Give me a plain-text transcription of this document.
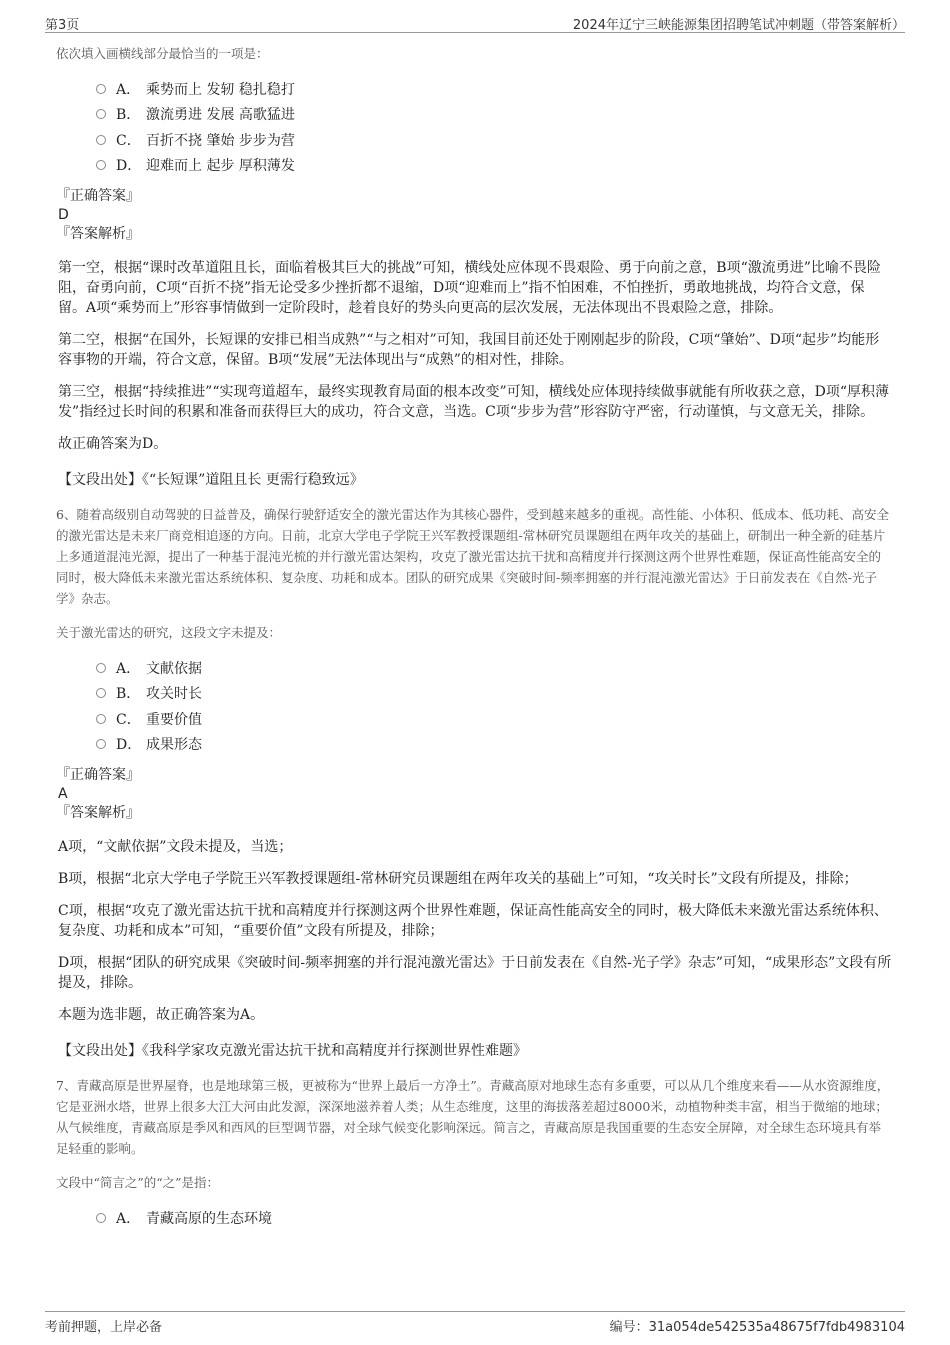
第3页	2024年辽宁三峡能源集团招聘笔试冲刺题（带答案解析）

依次填入画横线部分最恰当的一项是：

A． 乘势而上 发轫 稳扎稳打
B． 激流勇进 发展 高歌猛进
C． 百折不挠 肇始 步步为营
D． 迎难而上 起步 厚积薄发

『正确答案』

D

『答案解析』

第一空，根据“课时改革道阻且长，面临着极其巨大的挑战”可知，横线处应体现不畏艰险、勇于向前之意，B项“激流勇进”比喻不畏险阻，奋勇向前，C项“百折不挠”指无论受多少挫折都不退缩，D项“迎难而上”指不怕困难，不怕挫折，勇敢地挑战，均符合文意，保留。A项“乘势而上”形容事情做到一定阶段时，趁着良好的势头向更高的层次发展，无法体现出不畏艰险之意，排除。

第二空，根据“在国外，长短课的安排已相当成熟”“与之相对”可知，我国目前还处于刚刚起步的阶段，C项“肇始”、D项“起步”均能形容事物的开端，符合文意，保留。B项“发展”无法体现出与“成熟”的相对性，排除。

第三空，根据“持续推进”“实现弯道超车，最终实现教育局面的根本改变”可知，横线处应体现持续做事就能有所收获之意，D项“厚积薄发”指经过长时间的积累和准备而获得巨大的成功，符合文意，当选。C项“步步为营”形容防守严密，行动谨慎，与文意无关，排除。

故正确答案为D。

【文段出处】《“长短课”道阻且长 更需行稳致远》

6、随着高级别自动驾驶的日益普及，确保行驶舒适安全的激光雷达作为其核心器件，受到越来越多的重视。高性能、小体积、低成本、低功耗、高安全的激光雷达是未来厂商竞相追逐的方向。日前，北京大学电子学院王兴军教授课题组-常林研究员课题组在两年攻关的基础上，研制出一种全新的硅基片上多通道混沌光源，提出了一种基于混沌光梳的并行激光雷达架构，攻克了激光雷达抗干扰和高精度并行探测这两个世界性难题，保证高性能高安全的同时，极大降低未来激光雷达系统体积、复杂度、功耗和成本。团队的研究成果《突破时间-频率拥塞的并行混沌激光雷达》于日前发表在《自然-光子学》杂志。

关于激光雷达的研究，这段文字未提及：

A． 文献依据
B． 攻关时长
C． 重要价值
D． 成果形态

『正确答案』

A

『答案解析』

A项，“文献依据”文段未提及，当选；

B项，根据“北京大学电子学院王兴军教授课题组-常林研究员课题组在两年攻关的基础上”可知，“攻关时长”文段有所提及，排除；

C项，根据“攻克了激光雷达抗干扰和高精度并行探测这两个世界性难题，保证高性能高安全的同时，极大降低未来激光雷达系统体积、复杂度、功耗和成本”可知，“重要价值”文段有所提及，排除；

D项，根据“团队的研究成果《突破时间-频率拥塞的并行混沌激光雷达》于日前发表在《自然-光子学》杂志”可知，“成果形态”文段有所提及，排除。

本题为选非题，故正确答案为A。

【文段出处】《我科学家攻克激光雷达抗干扰和高精度并行探测世界性难题》

7、青藏高原是世界屋脊，也是地球第三极，更被称为“世界上最后一方净土”。青藏高原对地球生态有多重要，可以从几个维度来看——从水资源维度，它是亚洲水塔，世界上很多大江大河由此发源，深深地滋养着人类；从生态维度，这里的海拔落差超过8000米，动植物种类丰富，相当于微缩的地球；从气候维度，青藏高原是季风和西风的巨型调节器，对全球气候变化影响深远。简言之，青藏高原是我国重要的生态安全屏障，对全球生态环境具有举足轻重的影响。

文段中“简言之”的“之”是指：

A． 青藏高原的生态环境
考前押题，上岸必备	编号：31a054de542535a48675f7fdb4983104
